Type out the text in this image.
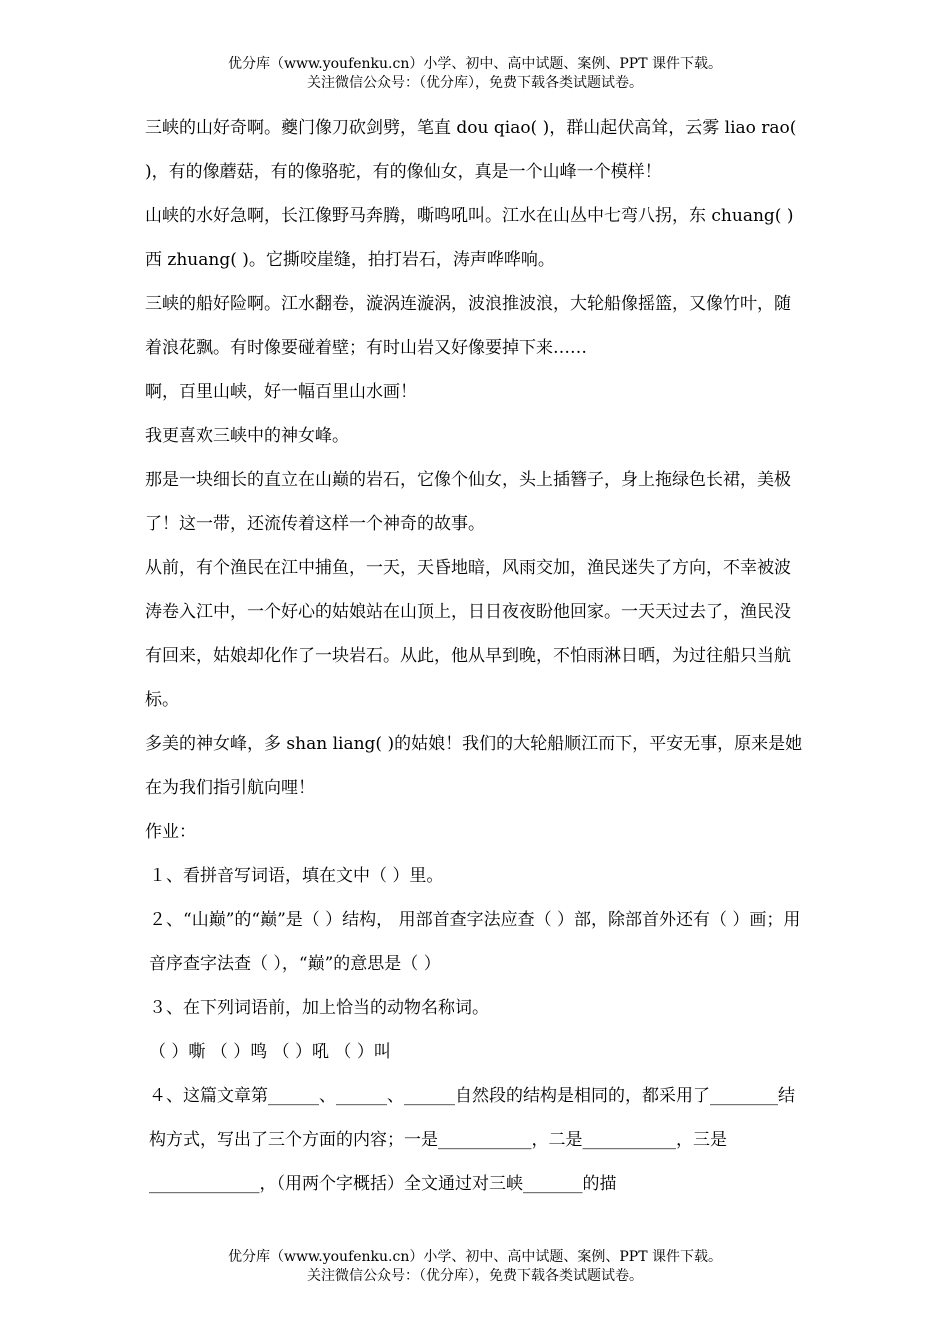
优分库（www.youfenku.cn）小学、初中、高中试题、案例、PPT 课件下载。
关注微信公众号：（优分库），免费下载各类试题试卷。

三峡的山好奇啊。夔门像刀砍剑劈，笔直 dou qiao( )，群山起伏高耸，云雾 liao rao( )，有的像蘑菇，有的像骆驼，有的像仙女，真是一个山峰一个模样！

山峡的水好急啊，长江像野马奔腾，嘶鸣吼叫。江水在山丛中七弯八拐，东 chuang( )西 zhuang( )。它撕咬崖缝，拍打岩石，涛声哗哗响。

三峡的船好险啊。江水翻卷，漩涡连漩涡，波浪推波浪，大轮船像摇篮，又像竹叶，随着浪花飘。有时像要碰着壁；有时山岩又好像要掉下来……

啊，百里山峡，好一幅百里山水画！

我更喜欢三峡中的神女峰。

那是一块细长的直立在山巅的岩石，它像个仙女，头上插簪子，身上拖绿色长裙，美极了！这一带，还流传着这样一个神奇的故事。

从前，有个渔民在江中捕鱼，一天，天昏地暗，风雨交加，渔民迷失了方向，不幸被波涛卷入江中，一个好心的姑娘站在山顶上，日日夜夜盼他回家。一天天过去了，渔民没有回来，姑娘却化作了一块岩石。从此，他从早到晚，不怕雨淋日晒，为过往船只当航标。

多美的神女峰，多 shan liang( )的姑娘！我们的大轮船顺江而下，平安无事，原来是她在为我们指引航向哩！

作业：

１、看拼音写词语，填在文中（ ）里。

２、“山巅”的“巅”是（ ）结构， 用部首查字法应查（ ）部，除部首外还有（ ）画；用音序查字法查（ ），“巅”的意思是（ ）

３、在下列词语前，加上恰当的动物名称词。

（ ）嘶 （ ）鸣 （ ）吼 （ ）叫

４、这篇文章第______、______、______自然段的结构是相同的，都采用了________结构方式，写出了三个方面的内容；一是___________，二是___________，三是_____________，（用两个字概括）全文通过对三峡_______的描

优分库（www.youfenku.cn）小学、初中、高中试题、案例、PPT 课件下载。
关注微信公众号：（优分库），免费下载各类试题试卷。
